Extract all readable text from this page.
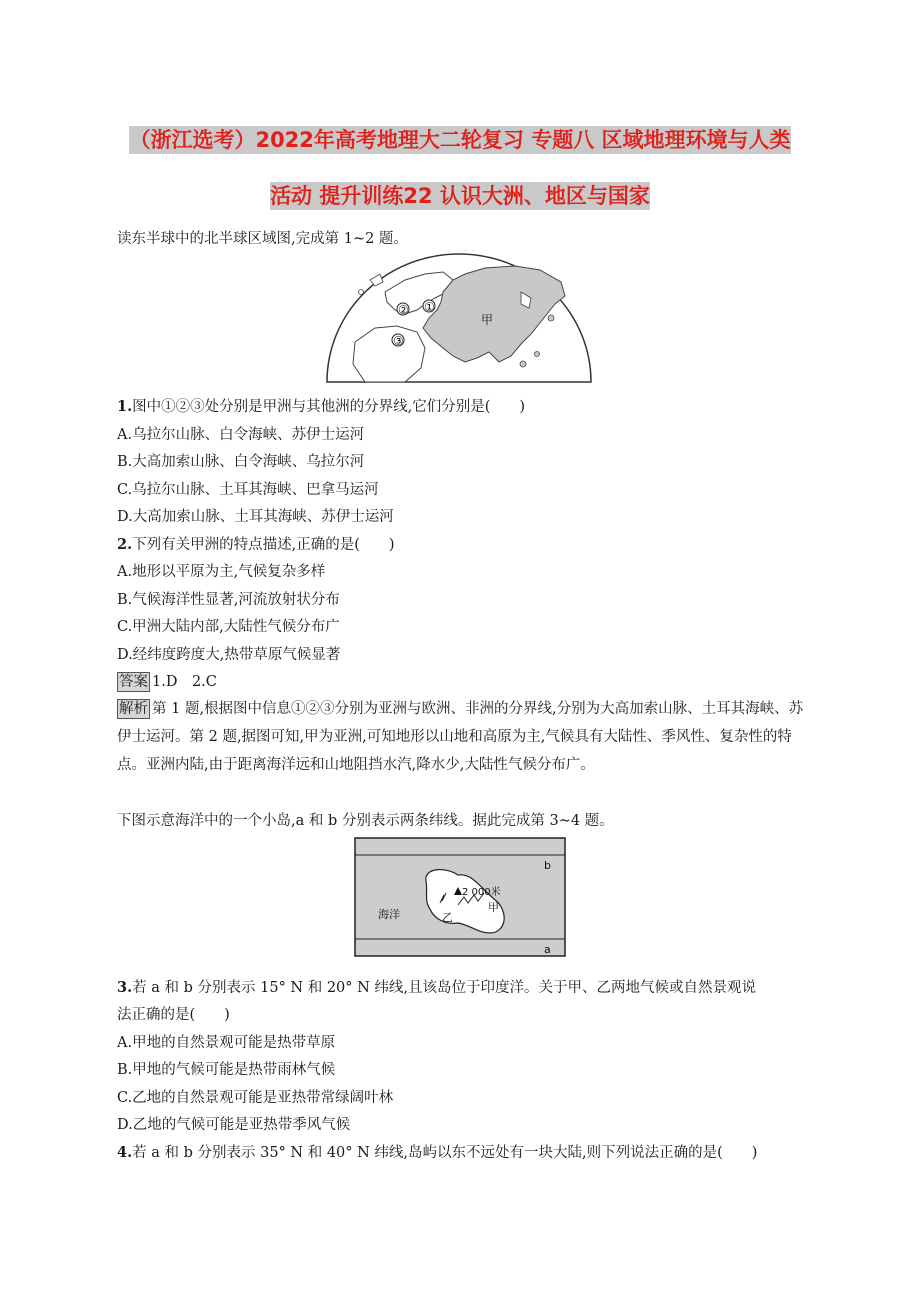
（浙江选考）2022年高考地理大二轮复习 专题八 区域地理环境与人类
活动 提升训练22 认识大洲、地区与国家
读东半球中的北半球区域图,完成第 1~2 题。
② ①
③
甲
1.图中①②③处分别是甲洲与其他洲的分界线,它们分别是(　　)
A.乌拉尔山脉、白令海峡、苏伊士运河
B.大高加索山脉、白令海峡、乌拉尔河
C.乌拉尔山脉、土耳其海峡、巴拿马运河
D.大高加索山脉、土耳其海峡、苏伊士运河
2.下列有关甲洲的特点描述,正确的是(　　)
A.地形以平原为主,气候复杂多样
B.气候海洋性显著,河流放射状分布
C.甲洲大陆内部,大陆性气候分布广
D.经纬度跨度大,热带草原气候显著
答案 1.D　2.C
解析 第 1 题,根据图中信息①②③分别为亚洲与欧洲、非洲的分界线,分别为大高加索山脉、土耳其海峡、苏伊士运河。第 2 题,据图可知,甲为亚洲,可知地形以山地和高原为主,气候具有大陆性、季风性、复杂性的特点。亚洲内陆,由于距离海洋远和山地阻挡水汽,降水少,大陆性气候分布广。
下图示意海洋中的一个小岛,a 和 b 分别表示两条纬线。据此完成第 3~4 题。
b
a
2 000米
甲
乙
海洋
3.若 a 和 b 分别表示 15° N 和 20° N 纬线,且该岛位于印度洋。关于甲、乙两地气候或自然景观说
法正确的是(　　)
A.甲地的自然景观可能是热带草原
B.甲地的气候可能是热带雨林气候
C.乙地的自然景观可能是亚热带常绿阔叶林
D.乙地的气候可能是亚热带季风气候
4.若 a 和 b 分别表示 35° N 和 40° N 纬线,岛屿以东不远处有一块大陆,则下列说法正确的是(　　)
